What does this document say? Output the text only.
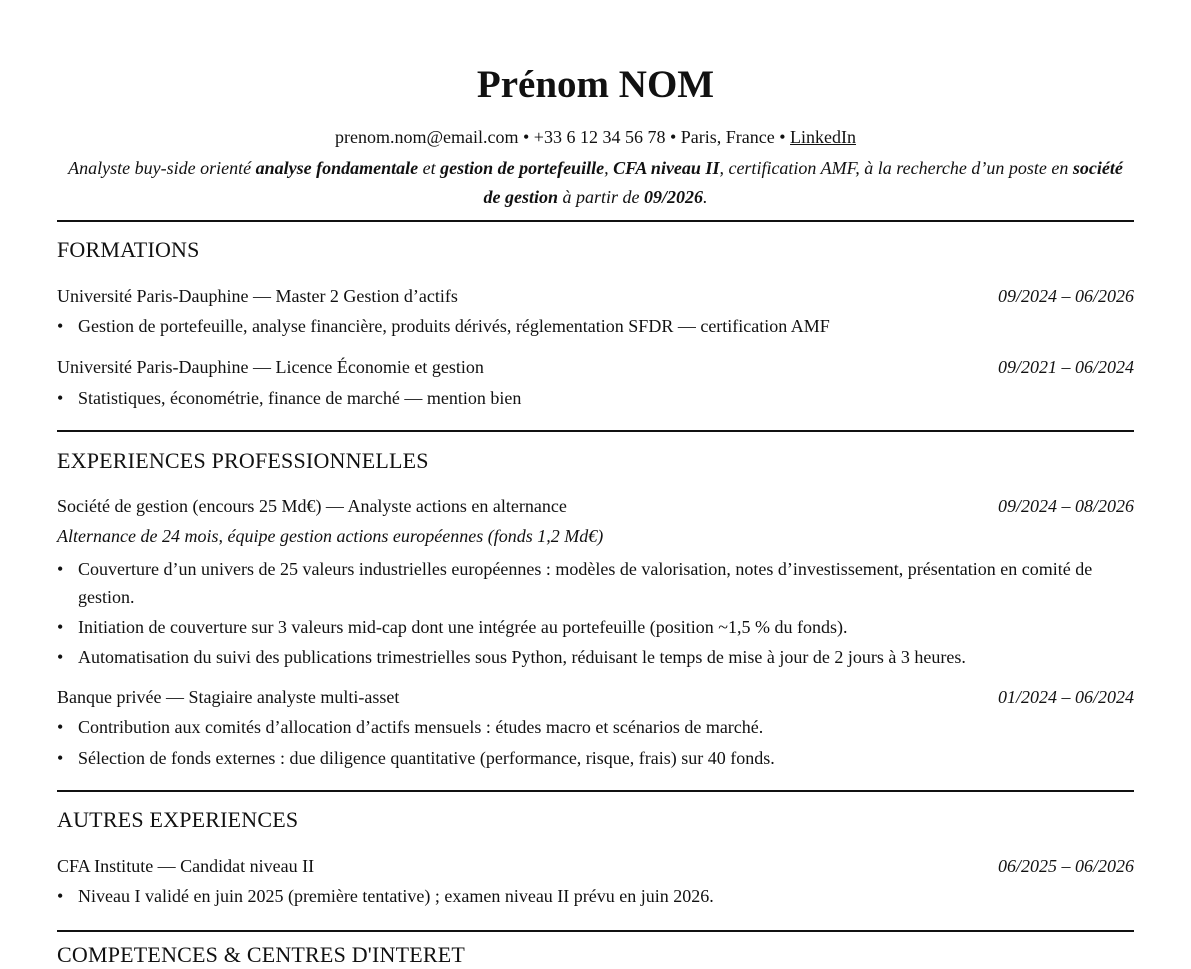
Prénom NOM
prenom.nom@email.com • +33 6 12 34 56 78 • Paris, France • LinkedIn
Analyste buy-side orienté analyse fondamentale et gestion de portefeuille, CFA niveau II, certification AMF, à la recherche d’un poste en société de gestion à partir de 09/2026.
FORMATIONS
Université Paris-Dauphine — Master 2 Gestion d’actifs	09/2024 – 06/2026
• Gestion de portefeuille, analyse financière, produits dérivés, réglementation SFDR — certification AMF
Université Paris-Dauphine — Licence Économie et gestion	09/2021 – 06/2024
• Statistiques, économétrie, finance de marché — mention bien
EXPERIENCES PROFESSIONNELLES
Société de gestion (encours 25 Md€) — Analyste actions en alternance	09/2024 – 08/2026
Alternance de 24 mois, équipe gestion actions européennes (fonds 1,2 Md€)
• Couverture d’un univers de 25 valeurs industrielles européennes : modèles de valorisation, notes d’investissement, présentation en comité de gestion.
• Initiation de couverture sur 3 valeurs mid-cap dont une intégrée au portefeuille (position ~1,5 % du fonds).
• Automatisation du suivi des publications trimestrielles sous Python, réduisant le temps de mise à jour de 2 jours à 3 heures.
Banque privée — Stagiaire analyste multi-asset	01/2024 – 06/2024
• Contribution aux comités d’allocation d’actifs mensuels : études macro et scénarios de marché.
• Sélection de fonds externes : due diligence quantitative (performance, risque, frais) sur 40 fonds.
AUTRES EXPERIENCES
CFA Institute — Candidat niveau II	06/2025 – 06/2026
• Niveau I validé en juin 2025 (première tentative) ; examen niveau II prévu en juin 2026.
COMPETENCES & CENTRES D'INTERET
